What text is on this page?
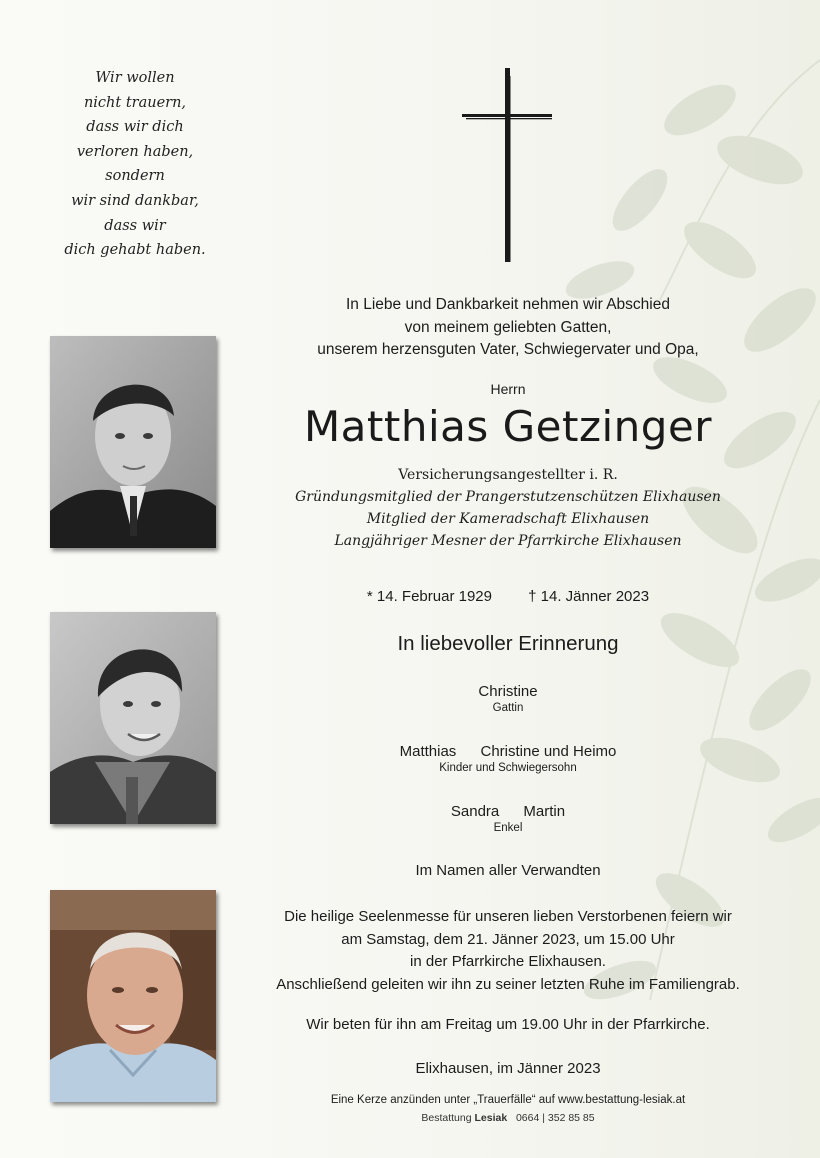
Wir wollen
nicht trauern,
dass wir dich
verloren haben,
sondern
wir sind dankbar,
dass wir
dich gehabt haben.
In Liebe und Dankbarkeit nehmen wir Abschied
von meinem geliebten Gatten,
unserem herzensguten Vater, Schwiegervater und Opa,
Herrn
Matthias Getzinger
Versicherungsangestellter i. R.
Gründungsmitglied der Prangerstutzenschützen Elixhausen
Mitglied der Kameradschaft Elixhausen
Langjähriger Mesner der Pfarrkirche Elixhausen
* 14. Februar 1929 † 14. Jänner 2023
In liebevoller Erinnerung
Christine
Gattin
Matthias Christine und Heimo
Kinder und Schwiegersohn
Sandra Martin
Enkel
Im Namen aller Verwandten
Die heilige Seelenmesse für unseren lieben Verstorbenen feiern wir
am Samstag, dem 21. Jänner 2023, um 15.00 Uhr
in der Pfarrkirche Elixhausen.
Anschließend geleiten wir ihn zu seiner letzten Ruhe im Familiengrab.
Wir beten für ihn am Freitag um 19.00 Uhr in der Pfarrkirche.
Elixhausen, im Jänner 2023
Eine Kerze anzünden unter „Trauerfälle“ auf www.bestattung-lesiak.at
Bestattung Lesiak 0664 | 352 85 85
